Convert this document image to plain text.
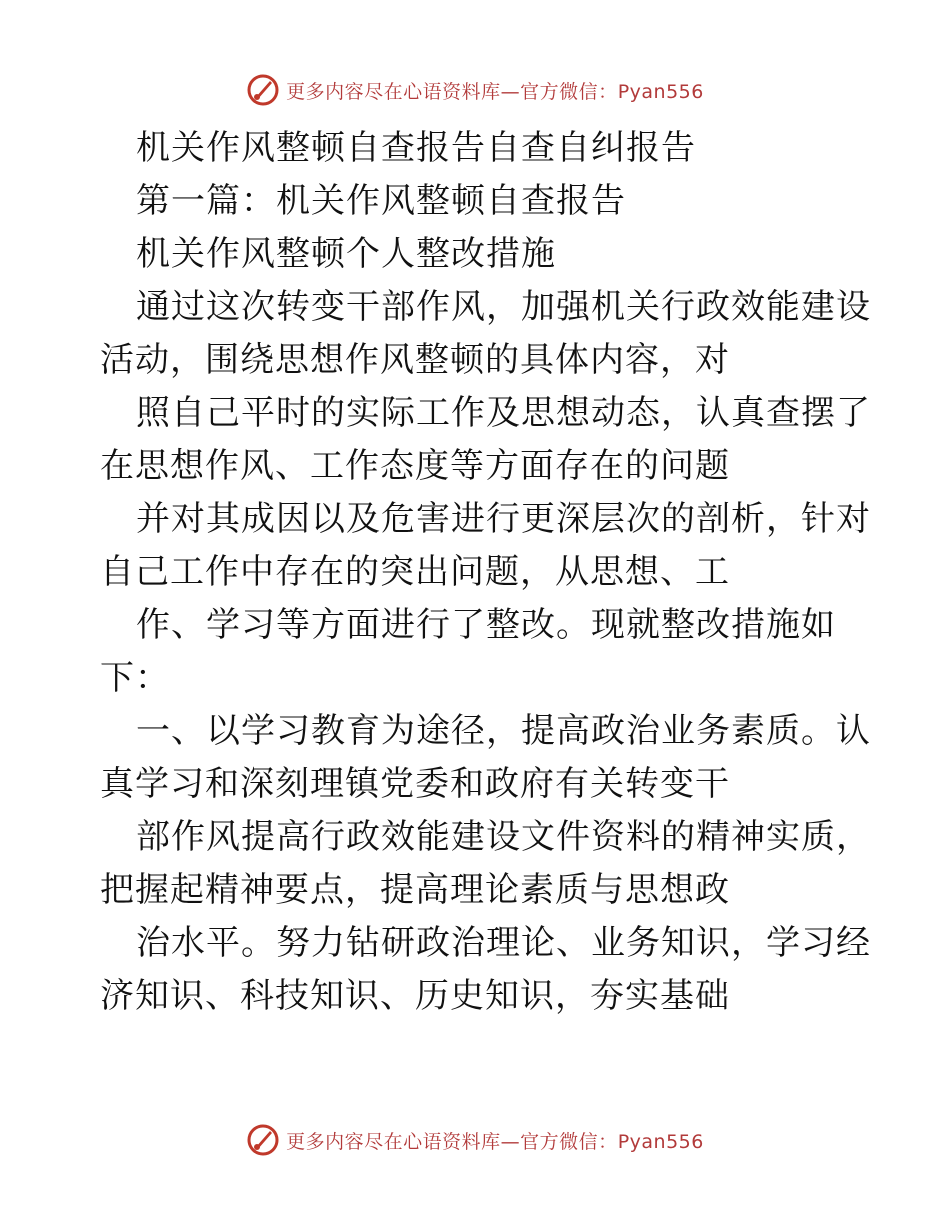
更多内容尽在心语资料库—官方微信：Pyan556
机关作风整顿自查报告自查自纠报告
第一篇：机关作风整顿自查报告
机关作风整顿个人整改措施
通过这次转变干部作风，加强机关行政效能建设
活动，围绕思想作风整顿的具体内容，对
照自己平时的实际工作及思想动态，认真查摆了
在思想作风、工作态度等方面存在的问题
并对其成因以及危害进行更深层次的剖析，针对
自己工作中存在的突出问题，从思想、工
作、学习等方面进行了整改。现就整改措施如
下：
一、以学习教育为途径，提高政治业务素质。认
真学习和深刻理镇党委和政府有关转变干
部作风提高行政效能建设文件资料的精神实质，
把握起精神要点，提高理论素质与思想政
治水平。努力钻研政治理论、业务知识，学习经
济知识、科技知识、历史知识，夯实基础
更多内容尽在心语资料库—官方微信：Pyan556
